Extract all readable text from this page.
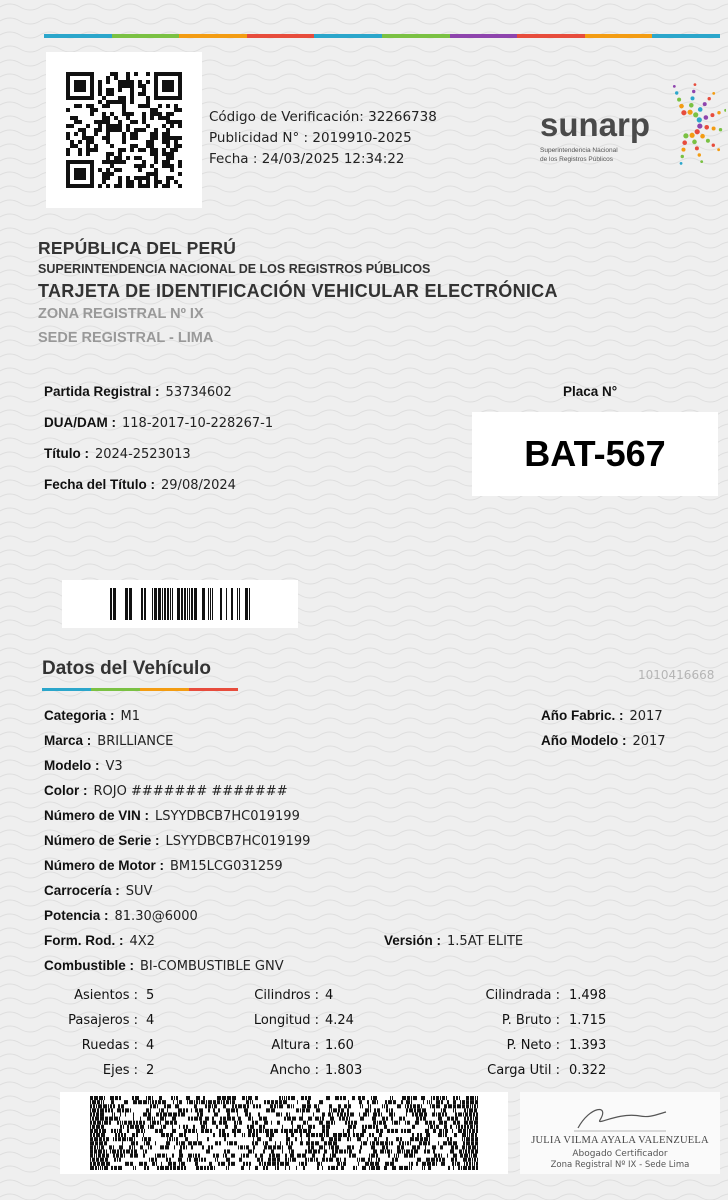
Código de Verificación: 32266738
Publicidad N° : 2019910-2025
Fecha : 24/03/2025 12:34:22
sunarp
Superintendencia Nacional
de los Registros Públicos
REPÚBLICA DEL PERÚ
SUPERINTENDENCIA NACIONAL DE LOS REGISTROS PÚBLICOS
TARJETA DE IDENTIFICACIÓN VEHICULAR ELECTRÓNICA
ZONA REGISTRAL Nº IX
SEDE REGISTRAL - LIMA
Partida Registral : 53734602
DUA/DAM : 118-2017-10-228267-1
Título : 2024-2523013
Fecha del Título : 29/08/2024
Placa N°
BAT-567
Datos del Vehículo	1010416668
Categoria : M1
Marca : BRILLIANCE
Modelo : V3
Color : ROJO ####### #######
Número de VIN : LSYYDBCB7HC019199
Número de Serie : LSYYDBCB7HC019199
Número de Motor : BM15LCG031259
Carrocería : SUV
Potencia : 81.30@6000
Form. Rod. : 4X2	Versión : 1.5AT ELITE
Combustible : BI-COMBUSTIBLE GNV
Año Fabric. : 2017
Año Modelo : 2017
Asientos : 5
Pasajeros : 4
Ruedas : 4
Ejes : 2
Cilindros : 4
Longitud : 4.24
Altura : 1.60
Ancho : 1.803
Cilindrada : 1.498
P. Bruto : 1.715
P. Neto : 1.393
Carga Util : 0.322
JULIA VILMA AYALA VALENZUELA
Abogado Certificador
Zona Registral Nº IX - Sede Lima
